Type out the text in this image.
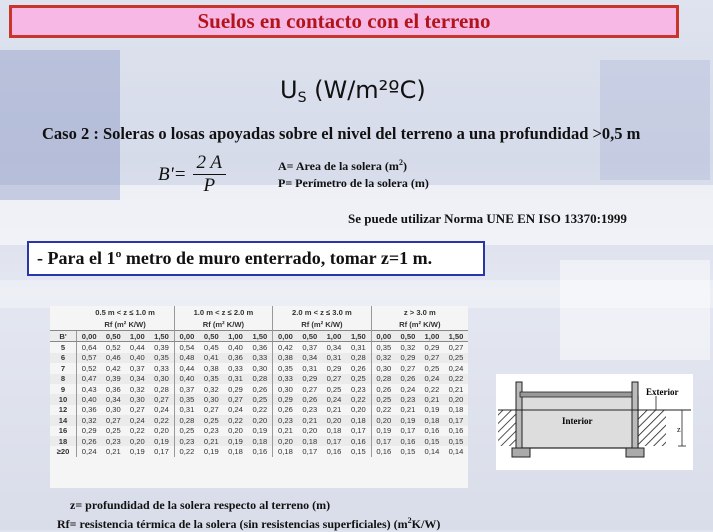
Suelos en contacto con el terreno
$U_S$ (W/m²ºC)
Caso 2 : Soleras o losas apoyadas sobre el nivel del terreno a una profundidad >0,5 m
$B'= \frac{2 A}{P}$	A= Area de la solera $(m^2)$
P= Perímetro de la solera (m)
Se puede utilizar Norma UNE EN ISO 13370:1999
- Para el 1º metro de muro enterrado, tomar z=1 m.
	0.5 m < z ≤ 1.0 m				1.0 m < z ≤ 2.0 m				2.0 m < z ≤ 3.0 m				z > 3.0 m			
	Rf (m² K/W)				Rf (m² K/W)				Rf (m² K/W)				Rf (m² K/W)			
B'	0,00	0,50	1,00	1,50	0,00	0,50	1,00	1,50	0,00	0,50	1,00	1,50	0,00	0,50	1,00	1,50
5	0,64	0,52	0,44	0,39	0,54	0,45	0,40	0,36	0,42	0,37	0,34	0,31	0,35	0,32	0,29	0,27
6	0,57	0,46	0,40	0,35	0,48	0,41	0,36	0,33	0,38	0,34	0,31	0,28	0,32	0,29	0,27	0,25
7	0,52	0,42	0,37	0,33	0,44	0,38	0,33	0,30	0,35	0,31	0,29	0,26	0,30	0,27	0,25	0,24
8	0,47	0,39	0,34	0,30	0,40	0,35	0,31	0,28	0,33	0,29	0,27	0,25	0,28	0,26	0,24	0,22
9	0,43	0,36	0,32	0,28	0,37	0,32	0,29	0,26	0,30	0,27	0,25	0,23	0,26	0,24	0,22	0,21
10	0,40	0,34	0,30	0,27	0,35	0,30	0,27	0,25	0,29	0,26	0,24	0,22	0,25	0,23	0,21	0,20
12	0,36	0,30	0,27	0,24	0,31	0,27	0,24	0,22	0,26	0,23	0,21	0,20	0,22	0,21	0,19	0,18
14	0,32	0,27	0,24	0,22	0,28	0,25	0,22	0,20	0,23	0,21	0,20	0,18	0,20	0,19	0,18	0,17
16	0,29	0,25	0,22	0,20	0,25	0,23	0,20	0,19	0,21	0,20	0,18	0,17	0,19	0,17	0,16	0,16
18	0,26	0,23	0,20	0,19	0,23	0,21	0,19	0,18	0,20	0,18	0,17	0,16	0,17	0,16	0,15	0,15
≥20	0,24	0,21	0,19	0,17	0,22	0,19	0,18	0,16	0,18	0,17	0,16	0,15	0,16	0,15	0,14	0,14
z= profundidad de la solera respecto al terreno (m)
Rf= resistencia térmica de la solera (sin resistencias superficiales) $(m^2K/W)$
Exterior
Interior
z
